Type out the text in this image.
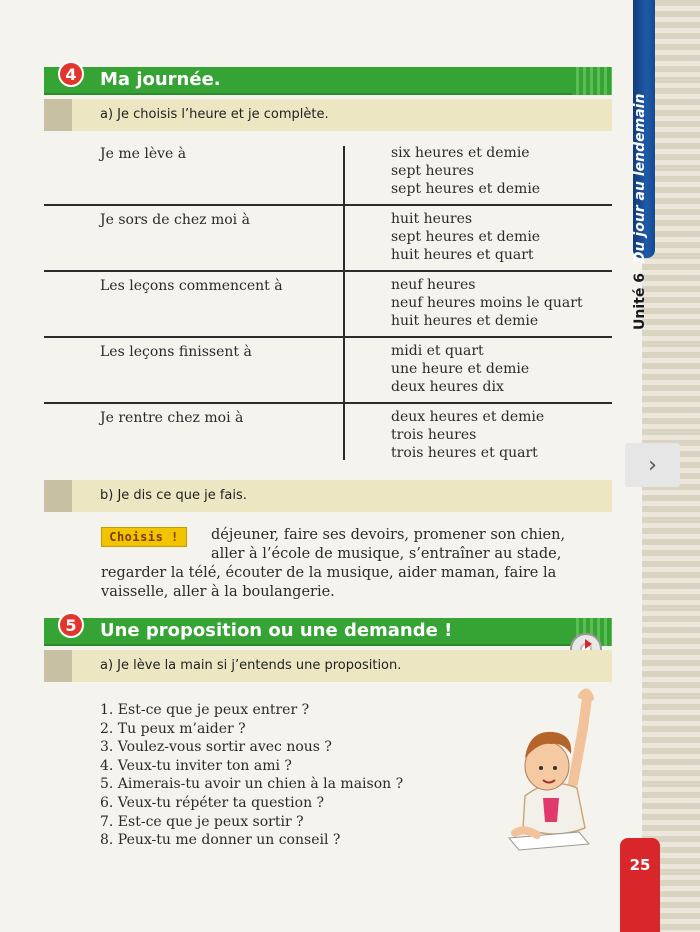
Unité 6Du jour au lendemain
›
25
4	Ma journée.
a) Je choisis l’heure et je complète.
Je me lève à	six heures et demie
sept heures
sept heures et demie
Je sors de chez moi à	huit heures
sept heures et demie
huit heures et quart
Les leçons commencent à	neuf heures
neuf heures moins le quart
huit heures et demie
Les leçons finissent à	midi et quart
une heure et demie
deux heures dix
Je rentre chez moi à	deux heures et demie
trois heures
trois heures et quart
b) Je dis ce que je fais.
Choisis !	déjeuner, faire ses devoirs, promener son chien,
aller à l’école de musique, s’entraîner au stade,
regarder la télé, écouter de la musique, aider maman, faire la
vaisselle, aller à la boulangerie.
5	Une proposition ou une demande !
a) Je lève la main si j’entends une proposition.
1. Est-ce que je peux entrer ?
2. Tu peux m’aider ?
3. Voulez-vous sortir avec nous ?
4. Veux-tu inviter ton ami ?
5. Aimerais-tu avoir un chien à la maison ?
6. Veux-tu répéter ta question ?
7. Est-ce que je peux sortir ?
8. Peux-tu me donner un conseil ?
